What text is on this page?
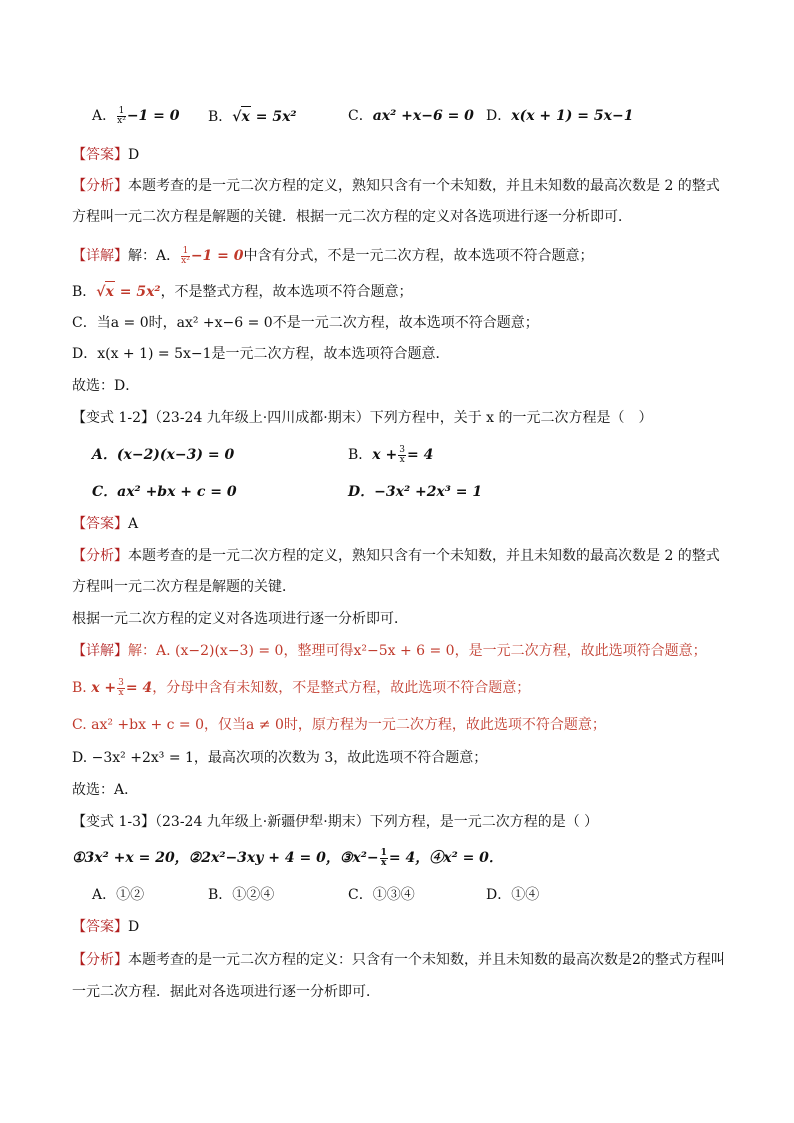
A． $\frac{1}{\text{x²}} -1 = 0$ B．√x = 5x²	C．ax² +x−6 = 0 D．x(x + 1) = 5x−1
【答案】D
【分析】本题考查的是一元二次方程的定义，熟知只含有一个未知数，并且未知数的最高次数是 2 的整式
方程叫一元二次方程是解题的关键．根据一元二次方程的定义对各选项进行逐一分析即可．
【详解】解：A． $\frac{1}{\text{x²}} -1 = 0$中含有分式，不是一元二次方程，故本选项不符合题意；
B．√x = 5x²，不是整式方程，故本选项不符合题意；
C．当a = 0时，ax² +x−6 = 0不是一元二次方程，故本选项不符合题意；
D．x(x + 1) = 5x−1是一元二次方程，故本选项符合题意．
故选：D．
【变式 1-2】（23-24 九年级上·四川成都·期末）下列方程中，关于 x 的一元二次方程是（　）
A．(x−2)(x−3) = 0	B．$x + \frac{3}{x} = 4$
C．ax² +bx + c = 0	D．−3x² +2x³ = 1
【答案】A
【分析】本题考查的是一元二次方程的定义，熟知只含有一个未知数，并且未知数的最高次数是 2 的整式
方程叫一元二次方程是解题的关键．
根据一元二次方程的定义对各选项进行逐一分析即可．
【详解】解：A. (x−2)(x−3) = 0，整理可得x²−5x + 6 = 0，是一元二次方程，故此选项符合题意；
B. $x + \frac{3}{x} = 4$，分母中含有未知数，不是整式方程，故此选项不符合题意；
C. ax² +bx + c = 0，仅当a ≠ 0时，原方程为一元二次方程，故此选项不符合题意；
D. −3x² +2x³ = 1，最高次项的次数为 3，故此选项不符合题意；
故选：A．
【变式 1-3】（23-24 九年级上·新疆伊犁·期末）下列方程，是一元二次方程的是（ ）
①3x² +x = 20，②2x²−3xy + 4 = 0，③x²− $\frac{1}{x} = 4$，④x² = 0．
A．①②	B．①②④	C．①③④	D．①④
【答案】D
【分析】本题考查的是一元二次方程的定义：只含有一个未知数，并且未知数的最高次数是2的整式方程叫
一元二次方程．据此对各选项进行逐一分析即可．
